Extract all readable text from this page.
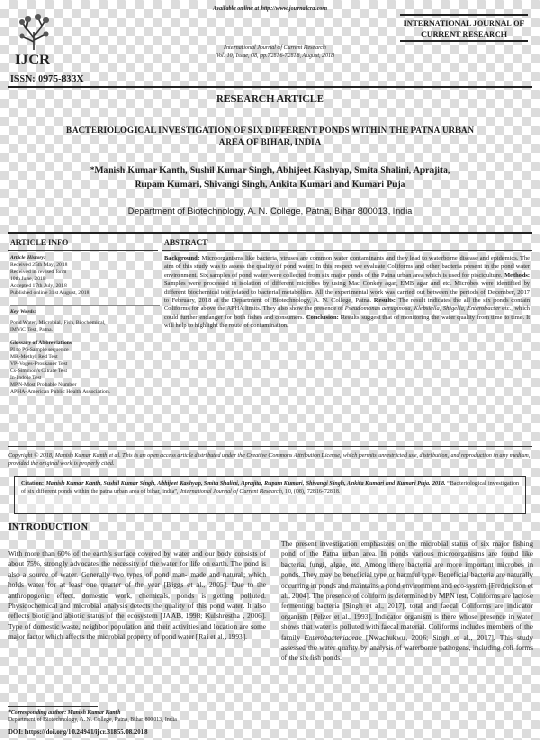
IJCR
ISSN: 0975-833X
Available online at http://www.journalcra.com
International Journal of Current Research
Vol. 10, Issue, 08, pp.72816-72818, August, 2018
INTERNATIONAL JOURNAL OF CURRENT RESEARCH
RESEARCH ARTICLE
BACTERIOLOGICAL INVESTIGATION OF SIX DIFFERENT PONDS WITHIN THE PATNA URBAN AREA OF BIHAR, INDIA
*Manish Kumar Kanth, Sushil Kumar Singh, Abhijeet Kashyap, Smita Shalini, Aprajita,
Rupam Kumari, Shivangi Singh, Ankita Kumari and Kumari Puja
Department of Biotechnology, A. N. College, Patna, Bihar 800013, India
ARTICLE INFO	ABSTRACT
Article History:
Received 25th May, 2018
Received in revised form
10th June, 2018
Accepted 17th July, 2018
Published online 31st August, 2018
Key Words:
Pond Water, Microbial, Fish, Biochemical, IMViC Test, Patna.
Glossary of Abbreviations
PI to P6-Sample sequence
MR-Methyl Red Test
VP-Voges-Proskauer Test
Cs-Simmon's Citrate Test
In-Indole Test
MPN-Most Probable Number
APHA-American Public Health Association.
Background: Microorganisms like bacteria, viruses are common water contaminants and they lead to waterborne disease and epidemics. The aim of this study was to assess the quality of pond water. In this respect we evaluate Coliforms and other bacteria present in the pond water environment. Six samples of pond water were collected from six major ponds of the Patna urban area which is used for pisciculture. Methods: Samples were processed in isolation of different microbes by using Mac Conkey agar, EMB agar and etc. Microbes were identified by different biochemical test related to bacterial metabolism. All the experimental work was carried out between the periods of December, 2017 to February, 2018 at the Department of Biotechnology, A. N. College, Patna. Results: The result indicates the all the six ponds contain Coliforms for above the APHA limits. They also show the presence of Pseudomonas aeruginosa, Klebsiella, Shigella, Enterobacter etc., which could further endanger for both fishes and consumers. Conclusion: Results suggest that of monitoring the water quality from time to time. It will help to highlight the route of contamination.
Copyright © 2018, Manish Kumar Kanth et al. This is an open access article distributed under the Creative Commons Attribution License, which permits unrestricted use, distribution, and reproduction in any medium, provided the original work is properly cited.
Citation: Manish Kumar Kanth, Sushil Kumar Singh, Abhijeet Kashyap, Smita Shalini, Aprajita, Rupam Kumari, Shivangi Singh, Ankita Kumari and Kumari Puja. 2018. “Bacteriological investigation of six different ponds within the patna urban area of bihar, india”, International Journal of Current Research, 10, (08), 72816-72818.
INTRODUCTION
With more than 60% of the earth's surface covered by water and our body consists of about 75%, strongly advocates the necessity of the water for life on earth. The pond is also a source of water. Generally two types of pond man- made and natural; which holds water for at least one quarter of the year [Biggs et al., 2005]. Due to the anthropogenic effect, domestic work, chemicals, ponds is getting polluted. Physicochemical and microbial analysis detects the quality of this pond water. It also reflects biotic and abiotic status of the ecosystem [JAAB, 1998; Kulshrestha , 2006]. Type of domestic waste, neighbor population and their activities and location are some major factor which affects the microbial property of pond water [Rai et al., 1993].
The present investigation emphasizes on the microbial status of six major fishing pond of the Patna urban area. In ponds various microorganisms are found like bacteria, fungi, algae, etc. Among there bacteria are more important microbes in ponds. They may be beneficial type or harmful type. Beneficial bacteria are naturally occurring in ponds and maintains a pond environment and eco-system [Fredrickson et al., 2004]. The presence of coliform is determined by MPN test, Coliforms are lactose fermenting bacteria [Singh et al., 2017], total and faecal Coliforms are indicator organism [Pelzer et al., 1993]. Indicator organism is there whose presence in water shows that water is polluted with faecal material. Coliforms includes members of the family Enterobacteriaceae [Nwachukwu, 2006; Singh et al., 2017]. This study assessed the water quality by analysis of waterborne pathogens, including coli forms of the six fish ponds.
*Corresponding author: Manish Kumar Kanth
Department of Biotechnology, A. N. College, Patna, Bihar 800013, India
DOI: https://doi.org/10.24941/ijcr.31855.08.2018
